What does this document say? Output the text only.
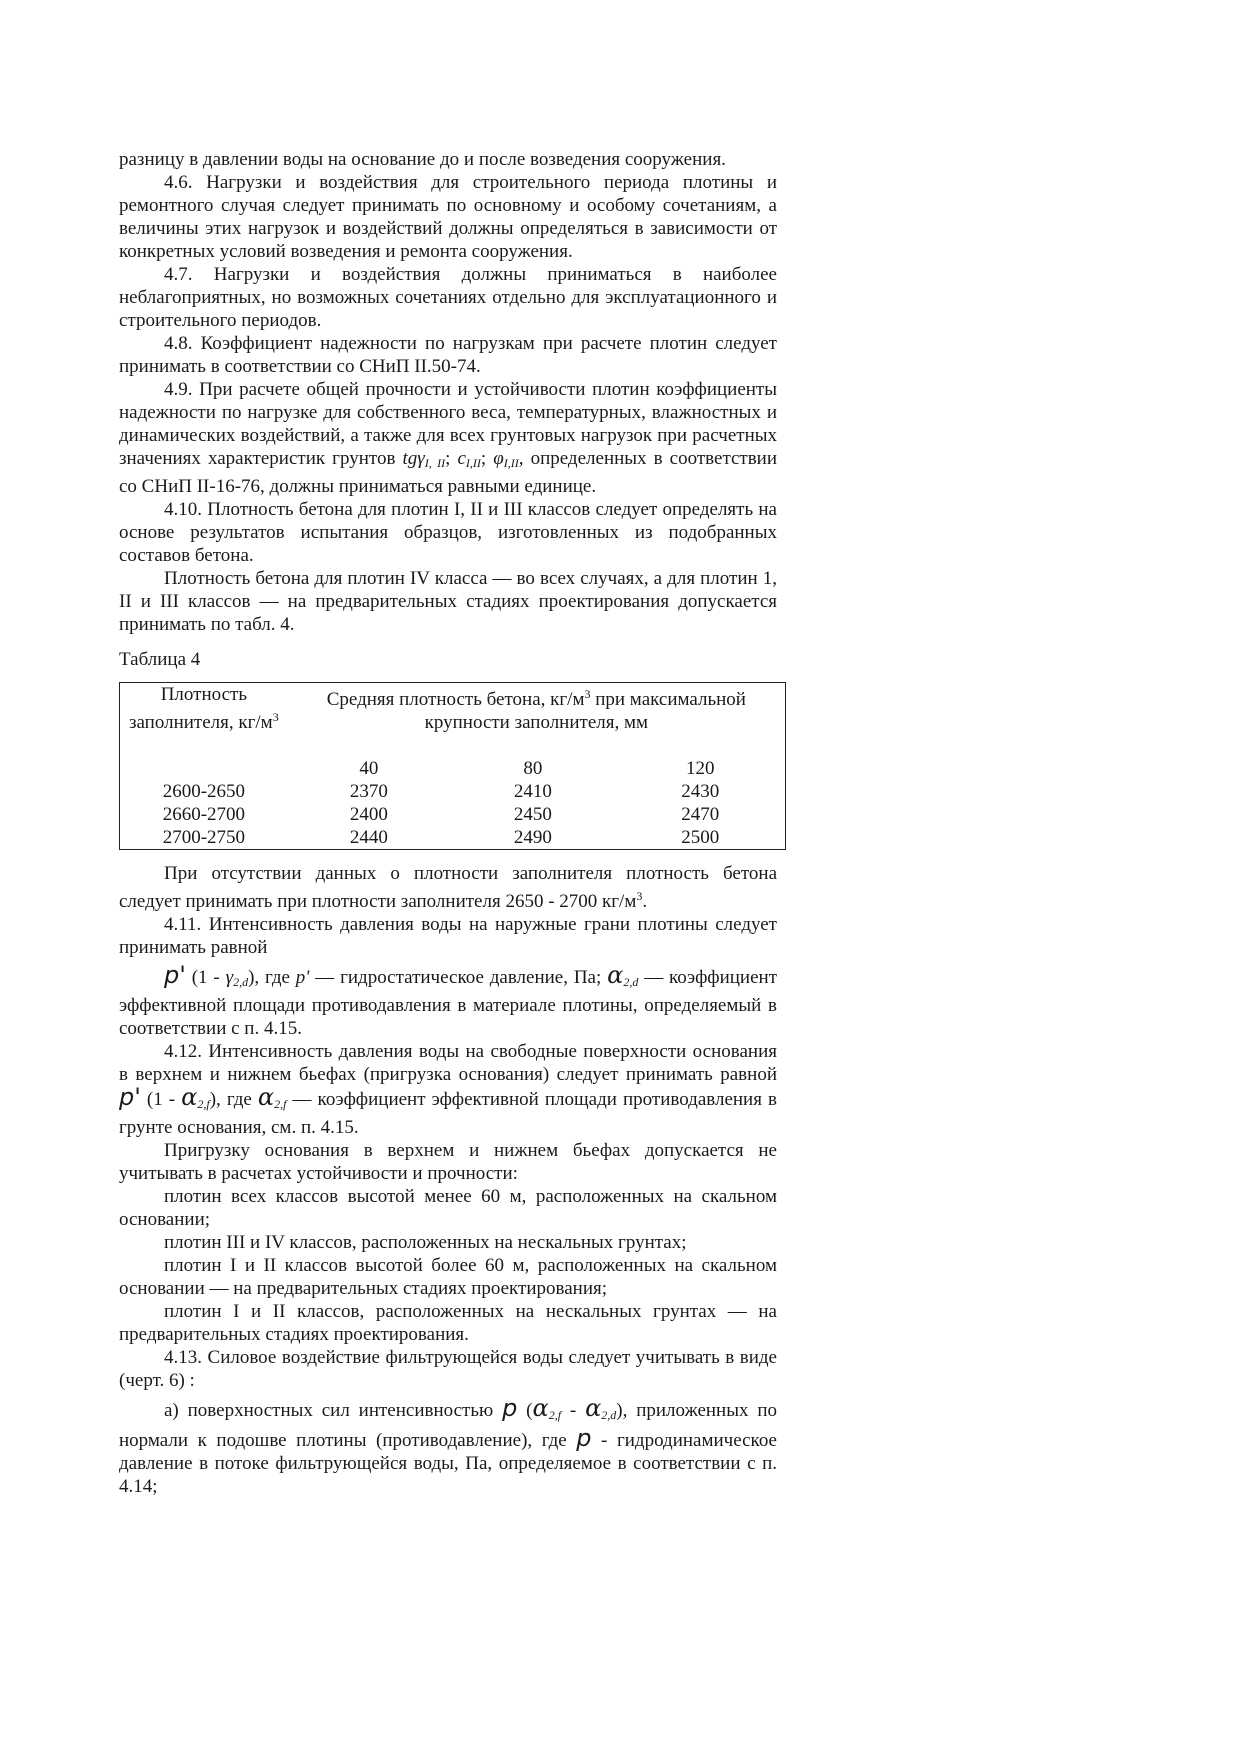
разницу в давлении воды на основание до и после возведения сооружения.

4.6. Нагрузки и воздействия для строительного периода плотины и ремонтного случая следует принимать по основному и особому сочетаниям, а величины этих нагрузок и воздействий должны определяться в зависимости от конкретных условий возведения и ремонта сооружения.

4.7. Нагрузки и воздействия должны приниматься в наиболее неблагоприятных, но возможных сочетаниях отдельно для эксплуатационного и строительного периодов.

4.8. Коэффициент надежности по нагрузкам при расчете плотин следует принимать в соответствии со СНиП II.50-74.

4.9. При расчете общей прочности и устойчивости плотин коэффициенты надежности по нагрузке для собственного веса, температурных, влажностных и динамических воздействий, а также для всех грунтовых нагрузок при расчетных значениях характеристик грунтов tgγ$_{I, II}$; $c_{I,II}$; $\varphi_{I,II}$, определенных в соответствии со СНиП II-16-76, должны приниматься равными единице.

4.10. Плотность бетона для плотин I, II и III классов следует определять на основе результатов испытания образцов, изготовленных из подобранных составов бетона.

Плотность бетона для плотин IV класса — во всех случаях, а для плотин 1, II и III классов — на предварительных стадиях проектирования допускается принимать по табл. 4.

Таблица 4

Плотность заполнителя, $кг/м^3$	Средняя плотность бетона, $кг/м^3$ при максимальной крупности заполнителя, мм		
	40	80	120
2600-2650	2370	2410	2430
2660-2700	2400	2450	2470
2700-2750	2440	2490	2500

При отсутствии данных о плотности заполнителя плотность бетона следует принимать при плотности заполнителя 2650 - 2700 $кг/м^3$.

4.11. Интенсивность давления воды на наружные грани плотины следует принимать равной

p' $(1 - \gamma_{2,d})$, где p' — гидростатическое давление, Па; $\alpha_{2,d}$ — коэффициент эффективной площади противодавления в материале плотины, определяемый в соответствии с п. 4.15.

4.12. Интенсивность давления воды на свободные поверхности основания в верхнем и нижнем бьефах (пригрузка основания) следует принимать равной p' $(1 - \alpha_{2,f})$, где $\alpha_{2,f}$ — коэффициент эффективной площади противодавления в грунте основания, см. п. 4.15.

Пригрузку основания в верхнем и нижнем бьефах допускается не учитывать в расчетах устойчивости и прочности:

плотин всех классов высотой менее 60 м, расположенных на скальном основании;

плотин III и IV классов, расположенных на нескальных грунтах;

плотин I и II классов высотой более 60 м, расположенных на скальном основании — на предварительных стадиях проектирования;

плотин I и II классов, расположенных на нескальных грунтах — на предварительных стадиях проектирования.

4.13. Силовое воздействие фильтрующейся воды следует учитывать в виде (черт. 6) :

а) поверхностных сил интенсивностью p $(\alpha_{2,f} - \alpha_{2,d})$, приложенных по нормали к подошве плотины (противодавление), где p - гидродинамическое давление в потоке фильтрующейся воды, Па, определяемое в соответствии с п. 4.14;
